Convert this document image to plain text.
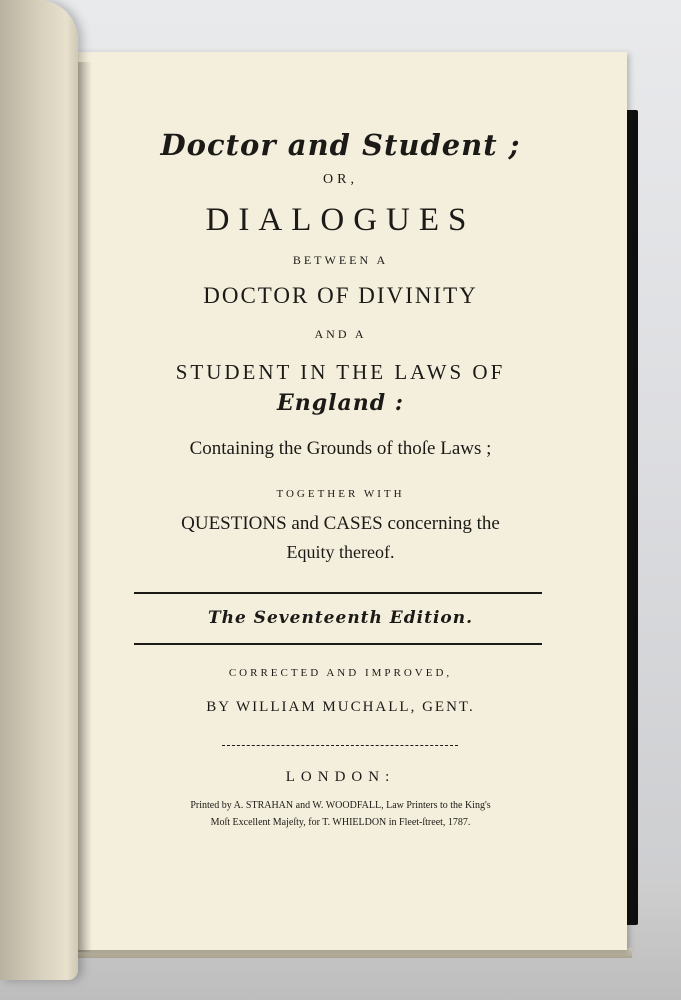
Doctor and Student ;
OR,
DIALOGUES
BETWEEN A
DOCTOR OF DIVINITY
AND A
STUDENT IN THE LAWS OF
England :
Containing the Grounds of thoſe Laws ;
TOGETHER WITH
QUESTIONS and CASES concerning the
Equity thereof.
The Seventeenth Edition.
CORRECTED AND IMPROVED,
BY WILLIAM MUCHALL, GENT.
LONDON:
Printed by A. STRAHAN and W. WOODFALL, Law Printers to the King's
Moſt Excellent Majeſty, for T. WHIELDON in Fleet-ſtreet, 1787.
